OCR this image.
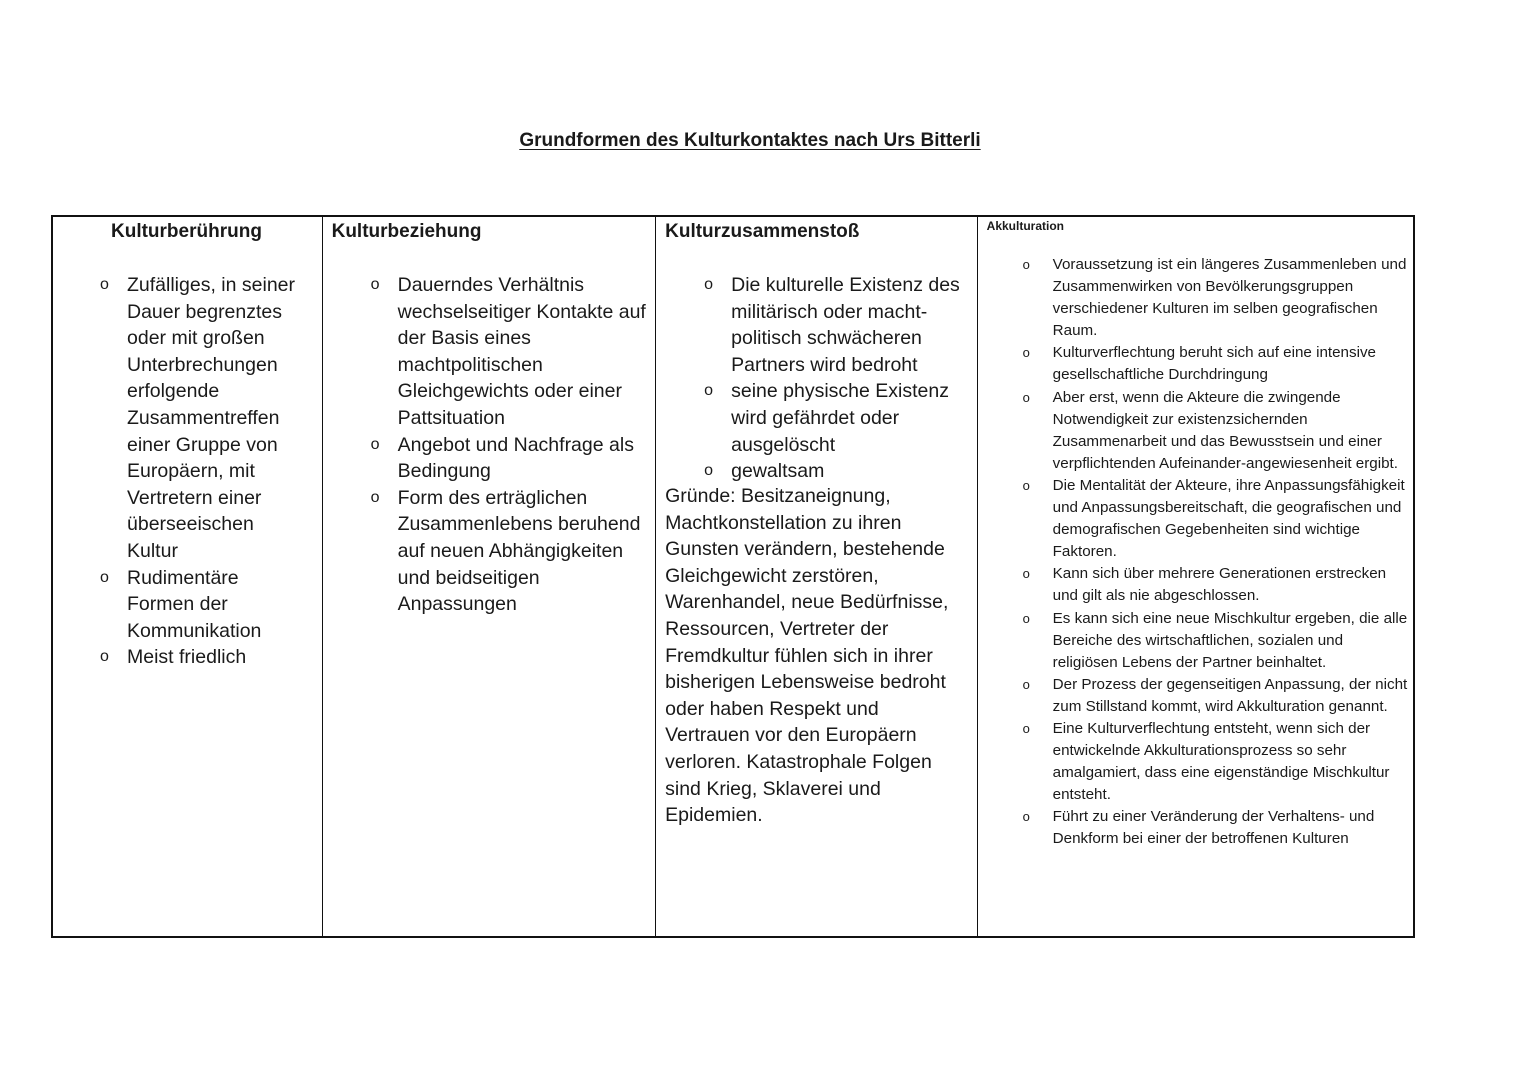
Grundformen des Kulturkontaktes nach Urs Bitterli
Kulturberührung
o Zufälliges, in seiner Dauer begrenztes oder mit großen Unterbrechungen erfolgende Zusammentreffen einer Gruppe von Europäern, mit Vertretern einer überseeischen Kultur
o Rudimentäre Formen der Kommunikation
o Meist friedlich
Kulturbeziehung
o Dauerndes Verhältnis wechselseitiger Kontakte auf der Basis eines machtpolitischen Gleichgewichts oder einer Pattsituation
o Angebot und Nachfrage als Bedingung
o Form des erträglichen Zusammenlebens beruhend auf neuen Abhängigkeiten und beidseitigen Anpassungen
Kulturzusammenstoß
o Die kulturelle Existenz des militärisch oder macht-politisch schwächeren Partners wird bedroht
o seine physische Existenz wird gefährdet oder ausgelöscht
o gewaltsam
Gründe: Besitzaneignung, Machtkonstellation zu ihren Gunsten verändern, bestehende Gleichgewicht zerstören, Warenhandel, neue Bedürfnisse, Ressourcen, Vertreter der Fremdkultur fühlen sich in ihrer bisherigen Lebensweise bedroht oder haben Respekt und Vertrauen vor den Europäern verloren. Katastrophale Folgen sind Krieg, Sklaverei und Epidemien.
Akkulturation
o Voraussetzung ist ein längeres Zusammenleben und Zusammenwirken von Bevölkerungsgruppen verschiedener Kulturen im selben geografischen Raum.
o Kulturverflechtung beruht sich auf eine intensive gesellschaftliche Durchdringung
o Aber erst, wenn die Akteure die zwingende Notwendigkeit zur existenzsichernden Zusammenarbeit und das Bewusstsein und einer verpflichtenden Aufeinander-angewiesenheit ergibt.
o Die Mentalität der Akteure, ihre Anpassungsfähigkeit und Anpassungsbereitschaft, die geografischen und demografischen Gegebenheiten sind wichtige Faktoren.
o Kann sich über mehrere Generationen erstrecken und gilt als nie abgeschlossen.
o Es kann sich eine neue Mischkultur ergeben, die alle Bereiche des wirtschaftlichen, sozialen und religiösen Lebens der Partner beinhaltet.
o Der Prozess der gegenseitigen Anpassung, der nicht zum Stillstand kommt, wird Akkulturation genannt.
o Eine Kulturverflechtung entsteht, wenn sich der entwickelnde Akkulturationsprozess so sehr amalgamiert, dass eine eigenständige Mischkultur entsteht.
o Führt zu einer Veränderung der Verhaltens- und Denkform bei einer der betroffenen Kulturen
